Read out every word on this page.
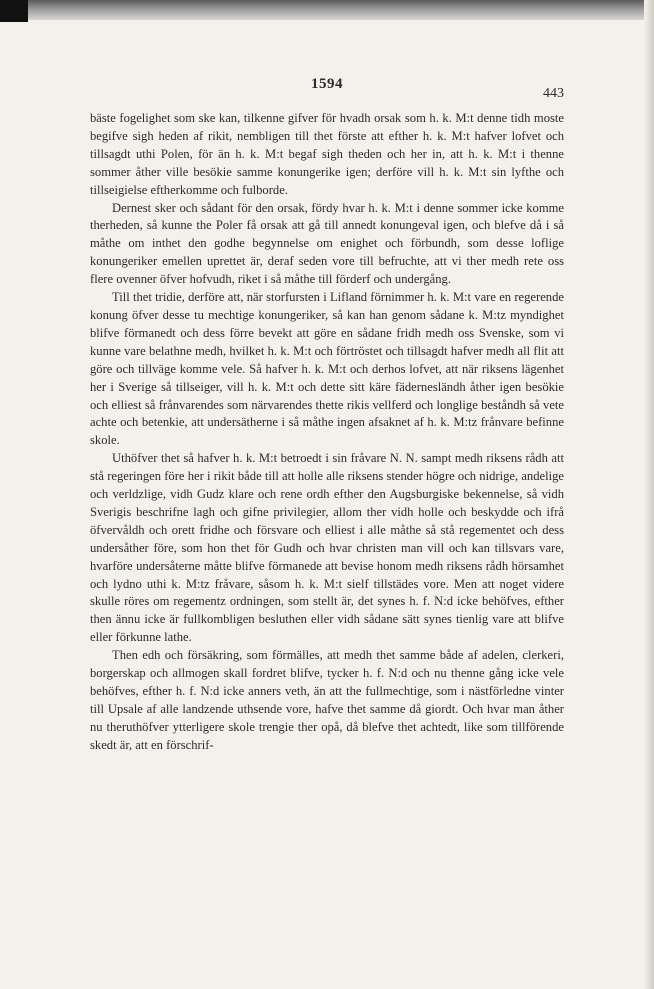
1594
443

bäste fogelighet som ske kan, tilkenne gifver för hvadh orsak som h. k. M:t denne tidh moste begifve sigh heden af rikit, nembligen till thet förste att efther h. k. M:t hafver lofvet och tillsagdt uthi Polen, för än h. k. M:t begaf sigh theden och her in, att h. k. M:t i thenne sommer åther ville besökie samme konungerike igen; derföre vill h. k. M:t sin lyfthe och tillseigielse eftherkomme och fulborde.

Dernest sker och sådant för den orsak, fördy hvar h. k. M:t i denne sommer icke komme therheden, så kunne the Poler få orsak att gå till annedt konungeval igen, och blefve då i så måthe om inthet den godhe begynnelse om enighet och förbundh, som desse loflige konungeriker emellen uprettet är, deraf seden vore till befruchte, att vi ther medh rete oss flere ovenner öfver hofvudh, riket i så måthe till förderf och undergång.

Till thet tridie, derföre att, när storfursten i Lifland förnimmer h. k. M:t vare en regerende konung öfver desse tu mechtige konungeriker, så kan han genom sådane k. M:tz myndighet blifve förmanedt och dess förre bevekt att göre en sådane fridh medh oss Svenske, som vi kunne vare belathne medh, hvilket h. k. M:t och förtröstet och tillsagdt hafver medh all flit att göre och tillväge komme vele. Så hafver h. k. M:t och derhos lofvet, att när riksens lägenhet her i Sverige så tillseiger, vill h. k. M:t och dette sitt käre fädernesländh åther igen besökie och elliest så frånvarendes som närvarendes thette rikis vellferd och longlige beståndh så vete achte och betenkie, att undersätherne i så måthe ingen afsaknet af h. k. M:tz frånvare befinne skole.

Uthöfver thet så hafver h. k. M:t betroedt i sin fråvare N. N. sampt medh riksens rådh att stå regeringen före her i rikit både till att holle alle riksens stender högre och nidrige, andelige och verldzlige, vidh Gudz klare och rene ordh efther den Augsburgiske bekennelse, så vidh Sverigis beschrifne lagh och gifne privilegier, allom ther vidh holle och beskydde och ifrå öfvervåldh och orett fridhe och försvare och elliest i alle måthe så stå regementet och dess undersåther före, som hon thet för Gudh och hvar christen man vill och kan tillsvars vare, hvarföre undersåterne måtte blifve förmanede att bevise honom medh riksens rådh hörsamhet och lydno uthi k. M:tz fråvare, såsom h. k. M:t sielf tillstädes vore. Men att noget videre skulle röres om regementz ordningen, som stellt är, det synes h. f. N:d icke behöfves, efther then ännu icke är fullkombligen besluthen eller vidh sådane sätt synes tienlig vare att blifve eller förkunne lathe.

Then edh och försäkring, som förmälles, att medh thet samme både af adelen, clerkeri, borgerskap och allmogen skall fordret blifve, tycker h. f. N:d och nu thenne gång icke vele behöfves, efther h. f. N:d icke anners veth, än att the fullmechtige, som i nästförledne vinter till Upsale af alle landzende uthsende vore, hafve thet samme då giordt. Och hvar man åther nu theruthöfver ytterligere skole trengie ther opå, då blefve thet achtedt, like som tillförende skedt är, att en förschrif-
